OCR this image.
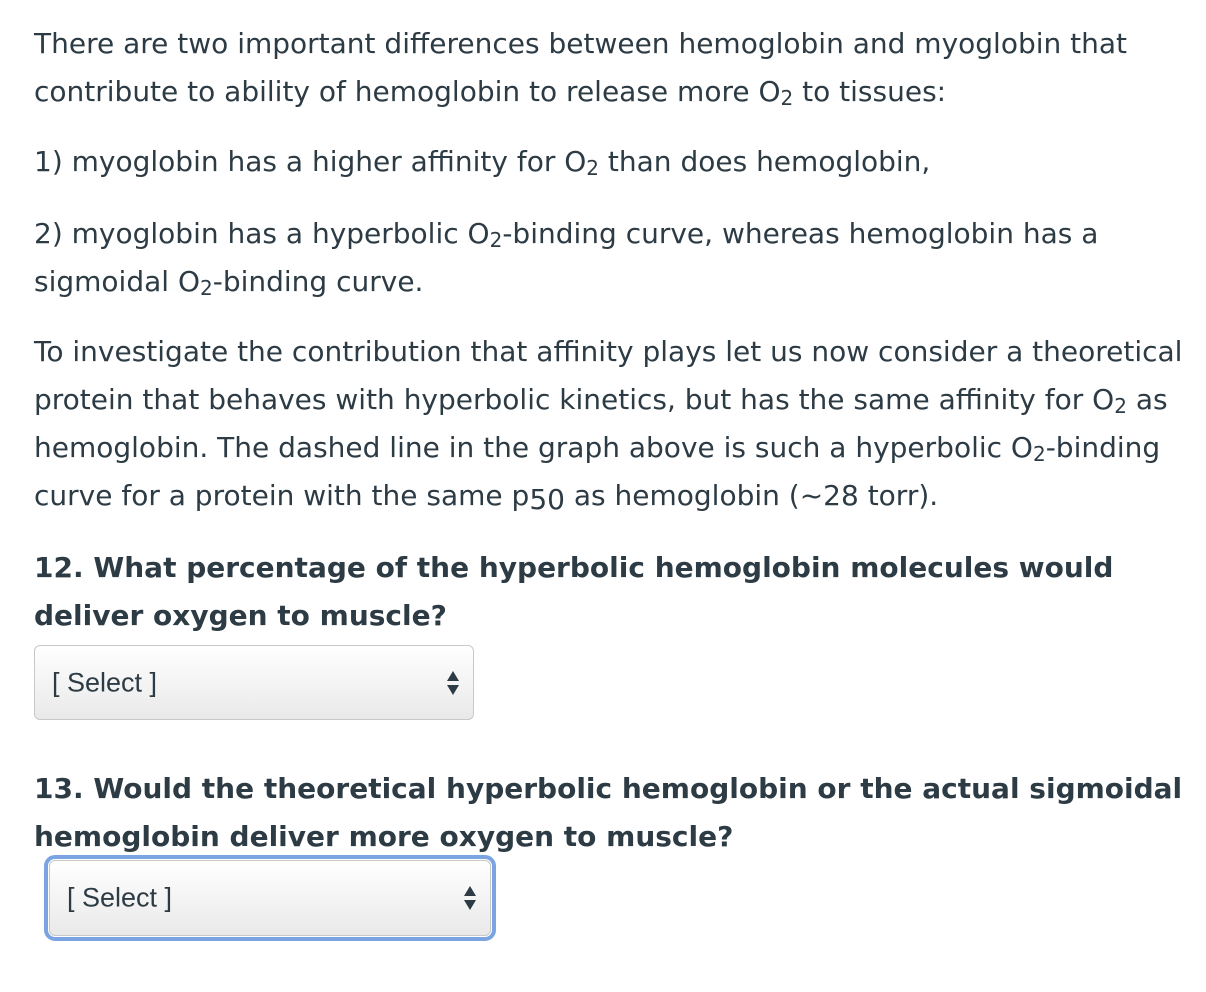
There are two important differences between hemoglobin and myoglobin that contribute to ability of hemoglobin to release more $O_2$ to tissues:

1) myoglobin has a higher affinity for $O_2$ than does hemoglobin,

2) myoglobin has a hyperbolic $O_2$-binding curve, whereas hemoglobin has a sigmoidal $O_2$-binding curve.

To investigate the contribution that affinity plays let us now consider a theoretical protein that behaves with hyperbolic kinetics, but has the same affinity for $O_2$ as hemoglobin. The dashed line in the graph above is such a hyperbolic $O_2$-binding curve for a protein with the same $p_{50}$ as hemoglobin (~28 torr).

12. What percentage of the hyperbolic hemoglobin molecules would deliver oxygen to muscle?

[ Select ]

13. Would the theoretical hyperbolic hemoglobin or the actual sigmoidal hemoglobin deliver more oxygen to muscle?

[ Select ]
